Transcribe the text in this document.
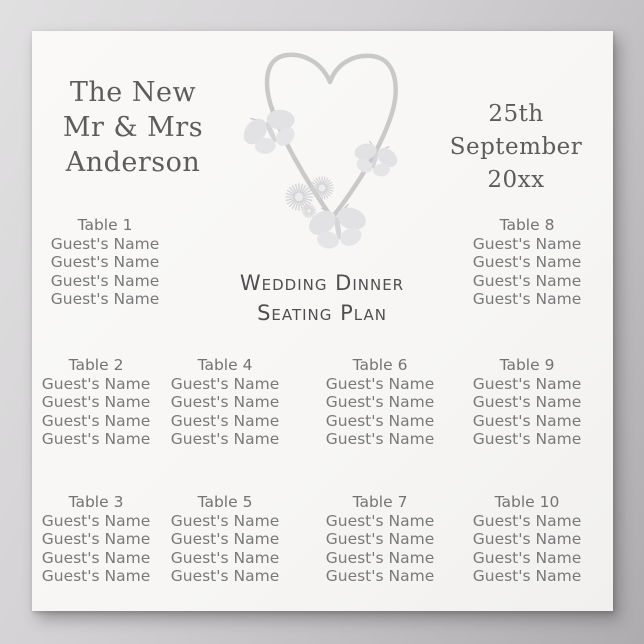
The New
Mr & Mrs
Anderson
25th
September
20xx
Wedding Dinner
Seating Plan
Table 1
Guest's Name
Guest's Name
Guest's Name
Guest's Name
Table 8
Guest's Name
Guest's Name
Guest's Name
Guest's Name
Table 2
Guest's Name
Guest's Name
Guest's Name
Guest's Name
Table 4
Guest's Name
Guest's Name
Guest's Name
Guest's Name
Table 6
Guest's Name
Guest's Name
Guest's Name
Guest's Name
Table 9
Guest's Name
Guest's Name
Guest's Name
Guest's Name
Table 3
Guest's Name
Guest's Name
Guest's Name
Guest's Name
Table 5
Guest's Name
Guest's Name
Guest's Name
Guest's Name
Table 7
Guest's Name
Guest's Name
Guest's Name
Guest's Name
Table 10
Guest's Name
Guest's Name
Guest's Name
Guest's Name
